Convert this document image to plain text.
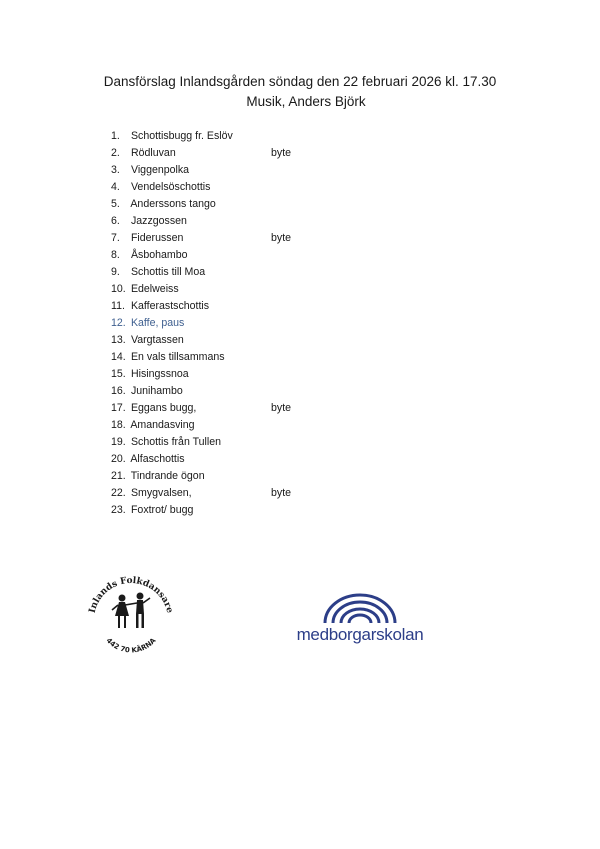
Dansförslag Inlandsgården söndag den 22 februari 2026 kl. 17.30

Musik, Anders Björk

1. Schottisbugg fr. Eslöv
2. Rödluvan	byte
3. Viggenpolka
4. Vendelsöschottis
5. Anderssons tango
6. Jazzgossen
7. Fiderussen	byte
8. Åsbohambo
9. Schottis till Moa
10. Edelweiss
11. Kafferastschottis
12. Kaffe, paus
13. Vargtassen
14. En vals tillsammans
15. Hisingssnoa
16. Junihambo
17. Eggans bugg,	byte
18. Amandasving
19. Schottis från Tullen
20. Alfaschottis
21. Tindrande ögon
22. Smygvalsen,	byte
23. Foxtrot/ bugg
Inlands Folkdansare
442 70 KÄRNA	medborgarskolan
